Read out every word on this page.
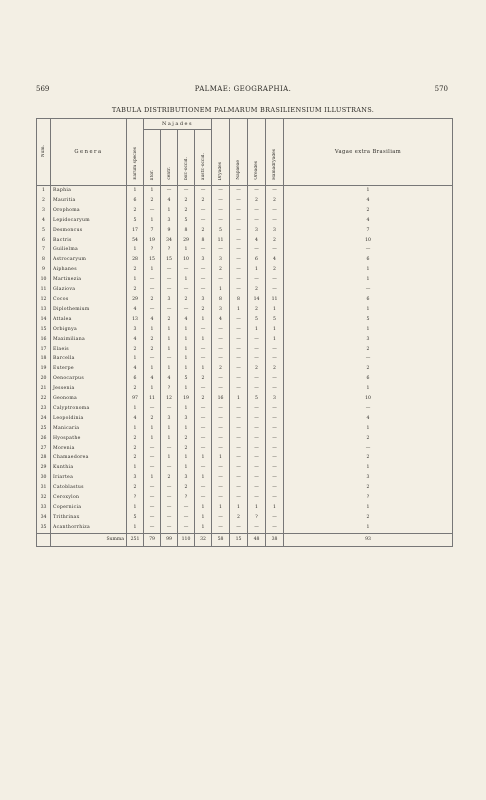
569	PALMAE: GEOGRAPHIA.	570
TABULA DISTRIBUTIONEM PALMARUM BRASILIENSIUM ILLUSTRANS.
Num.	Genera	Earum species	Najades				Dryades	Napaeae	Oreades	Hamadryades	Vagae extra Brasiliam	
			litor.	centr.	bor.-occid.	austr.-occid.						
1	Raphia	1	1	—	—	—	—	—	—	—	1	
2	Mauritia	6	2	4	2	2	—	—	2	2	4	
3	Orophoma	2	—	1	2	—	—	—	—	—	2	
4	Lepidocaryum	5	1	3	5	—	—	—	—	—	4	
5	Desmoncus	17	7	9	8	2	5	—	3	3	7	
6	Bactris	54	19	34	29	8	11	—	4	2	10	
7	Guilielma	1	?	?	1	—	—	—	—	—	—	
8	Astrocaryum	28	15	15	10	3	3	—	6	4	6	
9	Aiphanes	2	1	—	—	—	2	—	1	2	1	
10	Martinezia	1	—	—	1	—	—	—	—	—	1	
11	Glaziova	2	—	—	—	—	1	—	2	—	—	
12	Cocos	29	2	3	2	3	8	8	14	11	6	
13	Diplothemium	4	—	—	—	2	3	1	2	1	1	
14	Attalea	13	4	2	4	1	4	—	5	5	5	
15	Orbignya	3	1	1	1	—	—	—	1	1	1	
16	Maximiliana	4	2	1	1	1	—	—	—	1	3	
17	Elaeis	2	2	1	1	—	—	—	—	—	2	
18	Barcella	1	—	—	1	—	—	—	—	—	—	
19	Euterpe	4	1	1	1	1	2	—	2	2	2	
20	Oenocarpus	6	4	4	5	2	—	—	—	—	6	
21	Jessenia	2	1	?	1	—	—	—	—	—	1	
22	Geonoma	97	11	12	19	2	16	1	5	3	10	
23	Calyptronoma	1	—	—	1	—	—	—	—	—	—	
24	Leopoldinia	4	2	3	3	—	—	—	—	—	4	
25	Manicaria	1	1	1	1	—	—	—	—	—	1	
26	Hyospathe	2	1	1	2	—	—	—	—	—	2	
27	Morenia	2	—	—	2	—	—	—	—	—	—	
28	Chamaedorea	2	—	1	1	1	1	—	—	—	2	
29	Kunthia	1	—	—	1	—	—	—	—	—	1	
30	Iriartea	3	1	2	3	1	—	—	—	—	3	
31	Catoblastus	2	—	—	2	—	—	—	—	—	2	
32	Ceroxylon	?	—	—	?	—	—	—	—	—	?	
33	Copernicia	1	—	—	—	1	1	1	1	1	1	
34	Trithrinax	5	—	—	—	1	—	2	?	—	2	
35	Acanthorrhiza	1	—	—	—	1	—	—	—	—	1	
	Summa	251	79	99	110	32	58	15	48	38	93	
